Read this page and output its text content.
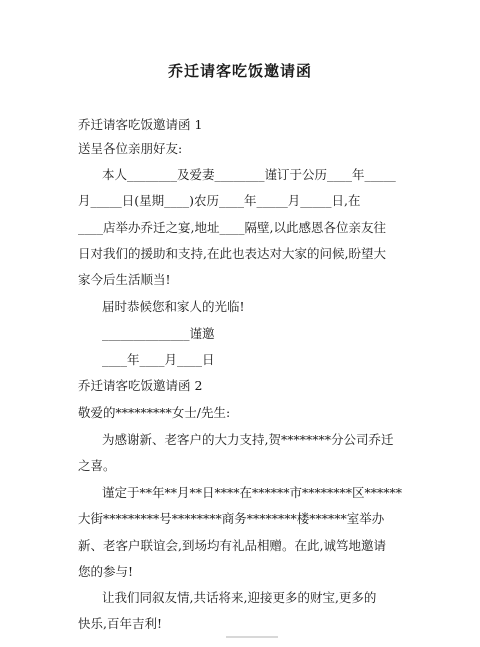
乔迁请客吃饭邀请函
乔迁请客吃饭邀请函 1
送呈各位亲朋好友:
本人________及爱妻________谨订于公历____年_____
月_____日(星期____)农历____年_____月_____日,在
____店举办乔迁之宴,地址____隔壁,以此感恩各位亲友往
日对我们的援助和支持,在此也表达对大家的问候,盼望大
家今后生活顺当!
届时恭候您和家人的光临!
______________谨邀
____年____月____日
乔迁请客吃饭邀请函 2
敬爱的*********女士/先生:
为感谢新、老客户的大力支持,贺********分公司乔迁
之喜。
谨定于**年**月**日****在******市********区******
大街*********号********商务********楼******室举办
新、老客户联谊会,到场均有礼品相赠。在此,诚笃地邀请
您的参与!
让我们同叙友情,共话将来,迎接更多的财宝,更多的
快乐,百年吉利!
